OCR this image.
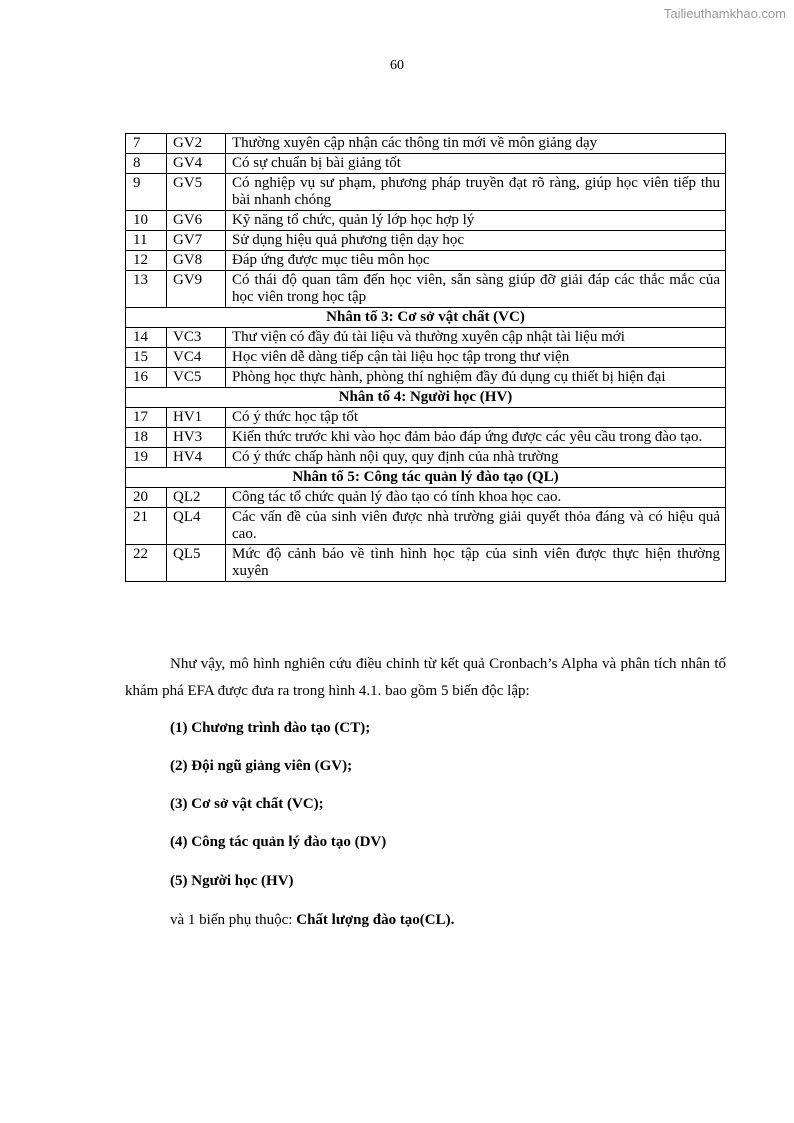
Tailieuthamkhao.com
60
7	GV2	Thường xuyên cập nhận các thông tin mới về môn giảng dạy
8	GV4	Có sự chuẩn bị bài giảng tốt
9	GV5	Có nghiệp vụ sư phạm, phương pháp truyền đạt rõ ràng, giúp học viên tiếp thu bài nhanh chóng
10	GV6	Kỹ năng tổ chức, quản lý lớp học hợp lý
11	GV7	Sử dụng hiệu quả phương tiện dạy học
12	GV8	Đáp ứng được mục tiêu môn học
13	GV9	Có thái độ quan tâm đến học viên, sẵn sàng giúp đỡ giải đáp các thắc mắc của học viên trong học tập
Nhân tố 3: Cơ sở vật chất (VC)		
14	VC3	Thư viện có đầy đủ tài liệu và thường xuyên cập nhật tài liệu mới
15	VC4	Học viên dễ dàng tiếp cận tài liệu học tập trong thư viện
16	VC5	Phòng học thực hành, phòng thí nghiệm đầy đủ dụng cụ thiết bị hiện đại
Nhân tố 4: Người học (HV)		
17	HV1	Có ý thức học tập tốt
18	HV3	Kiến thức trước khi vào học đảm bảo đáp ứng được các yêu cầu trong đào tạo.
19	HV4	Có ý thức chấp hành nội quy, quy định của nhà trường
Nhân tố 5: Công tác quản lý đào tạo (QL)		
20	QL2	Công tác tổ chức quản lý đào tạo có tính khoa học cao.
21	QL4	Các vấn đề của sinh viên được nhà trường giải quyết thỏa đáng và có hiệu quả cao.
22	QL5	Mức độ cảnh báo về tình hình học tập của sinh viên được thực hiện thường xuyên

Như vậy, mô hình nghiên cứu điều chỉnh từ kết quả Cronbach’s Alpha và phân tích nhân tố khám phá EFA được đưa ra trong hình 4.1. bao gồm 5 biến độc lập:

(1) Chương trình đào tạo (CT);

(2) Đội ngũ giảng viên (GV);

(3) Cơ sở vật chất (VC);

(4) Công tác quản lý đào tạo (DV)

(5) Người học (HV)

và 1 biến phụ thuộc: Chất lượng đào tạo(CL).
